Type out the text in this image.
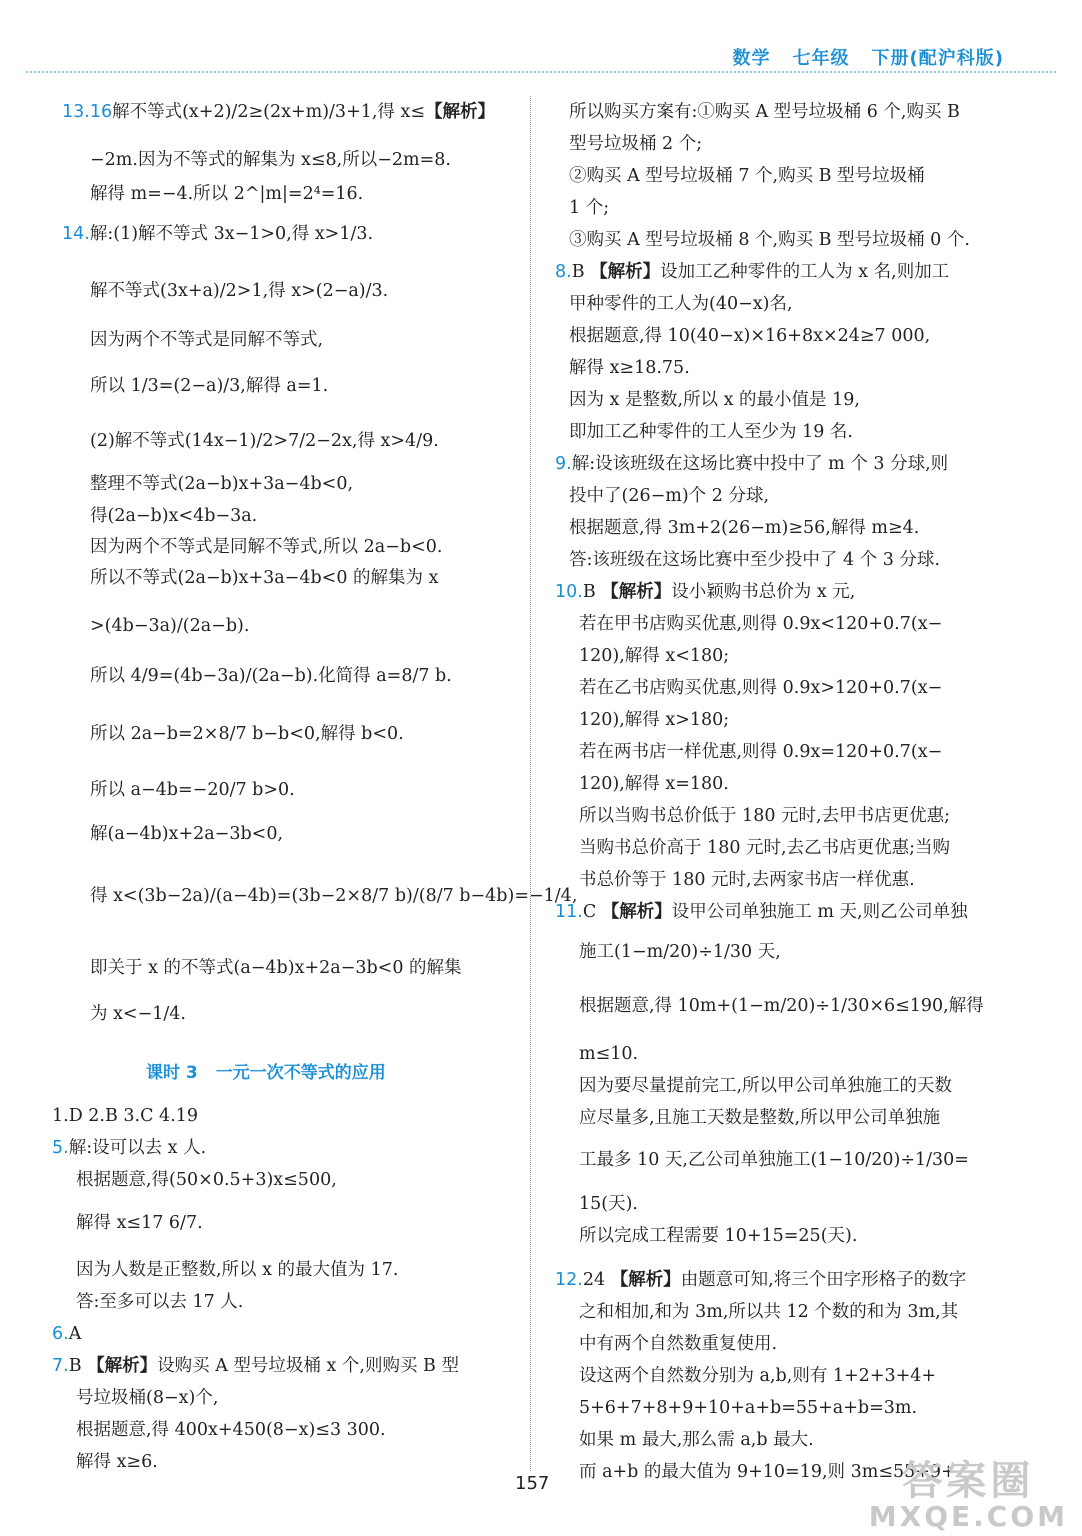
数学 七年级 下册(配沪科版)
13.16解不等式(x+2)/2≥(2x+m)/3+1,得 x≤【解析】
−2m.因为不等式的解集为 x≤8,所以−2m=8.
解得 m=−4.所以 2^|m|=2⁴=16.
14.解:(1)解不等式 3x−1>0,得 x>1/3.
解不等式(3x+a)/2>1,得 x>(2−a)/3.
因为两个不等式是同解不等式,
所以 1/3=(2−a)/3,解得 a=1.
(2)解不等式(14x−1)/2>7/2−2x,得 x>4/9.
整理不等式(2a−b)x+3a−4b<0,
得(2a−b)x<4b−3a.
因为两个不等式是同解不等式,所以 2a−b<0.
所以不等式(2a−b)x+3a−4b<0 的解集为 x
>(4b−3a)/(2a−b).
所以 4/9=(4b−3a)/(2a−b).化简得 a=8/7 b.
所以 2a−b=2×8/7 b−b<0,解得 b<0.
所以 a−4b=−20/7 b>0.
解(a−4b)x+2a−3b<0,
得 x<(3b−2a)/(a−4b)=(3b−2×8/7 b)/(8/7 b−4b)=−1/4,
即关于 x 的不等式(a−4b)x+2a−3b<0 的解集
为 x<−1/4.
1.D 2.B 3.C 4.19
5.解:设可以去 x 人.
根据题意,得(50×0.5+3)x≤500,
解得 x≤17 6/7.
因为人数是正整数,所以 x 的最大值为 17.
答:至多可以去 17 人.
6.A
7.B 【解析】设购买 A 型号垃圾桶 x 个,则购买 B 型
号垃圾桶(8−x)个,
根据题意,得 400x+450(8−x)≤3 300.
解得 x≥6.
所以购买方案有:①购买 A 型号垃圾桶 6 个,购买 B
型号垃圾桶 2 个;
②购买 A 型号垃圾桶 7 个,购买 B 型号垃圾桶
1 个;
③购买 A 型号垃圾桶 8 个,购买 B 型号垃圾桶 0 个.
8.B 【解析】设加工乙种零件的工人为 x 名,则加工
甲种零件的工人为(40−x)名,
根据题意,得 10(40−x)×16+8x×24≥7 000,
解得 x≥18.75.
因为 x 是整数,所以 x 的最小值是 19,
即加工乙种零件的工人至少为 19 名.
9.解:设该班级在这场比赛中投中了 m 个 3 分球,则
投中了(26−m)个 2 分球,
根据题意,得 3m+2(26−m)≥56,解得 m≥4.
答:该班级在这场比赛中至少投中了 4 个 3 分球.
10.B 【解析】设小颖购书总价为 x 元,
若在甲书店购买优惠,则得 0.9x<120+0.7(x−
120),解得 x<180;
若在乙书店购买优惠,则得 0.9x>120+0.7(x−
120),解得 x>180;
若在两书店一样优惠,则得 0.9x=120+0.7(x−
120),解得 x=180.
所以当购书总价低于 180 元时,去甲书店更优惠;
当购书总价高于 180 元时,去乙书店更优惠;当购
书总价等于 180 元时,去两家书店一样优惠.
11.C 【解析】设甲公司单独施工 m 天,则乙公司单独
施工(1−m/20)÷1/30 天,
根据题意,得 10m+(1−m/20)÷1/30×6≤190,解得
m≤10.
因为要尽量提前完工,所以甲公司单独施工的天数
应尽量多,且施工天数是整数,所以甲公司单独施
工最多 10 天,乙公司单独施工(1−10/20)÷1/30=
15(天).
所以完成工程需要 10+15=25(天).
12.24 【解析】由题意可知,将三个田字形格子的数字
之和相加,和为 3m,所以共 12 个数的和为 3m,其
中有两个自然数重复使用.
设这两个自然数分别为 a,b,则有 1+2+3+4+
5+6+7+8+9+10+a+b=55+a+b=3m.
如果 m 最大,那么需 a,b 最大.
而 a+b 的最大值为 9+10=19,则 3m≤55+9+
课时 3 一元一次不等式的应用
157	答案圈
MXQE.COM
